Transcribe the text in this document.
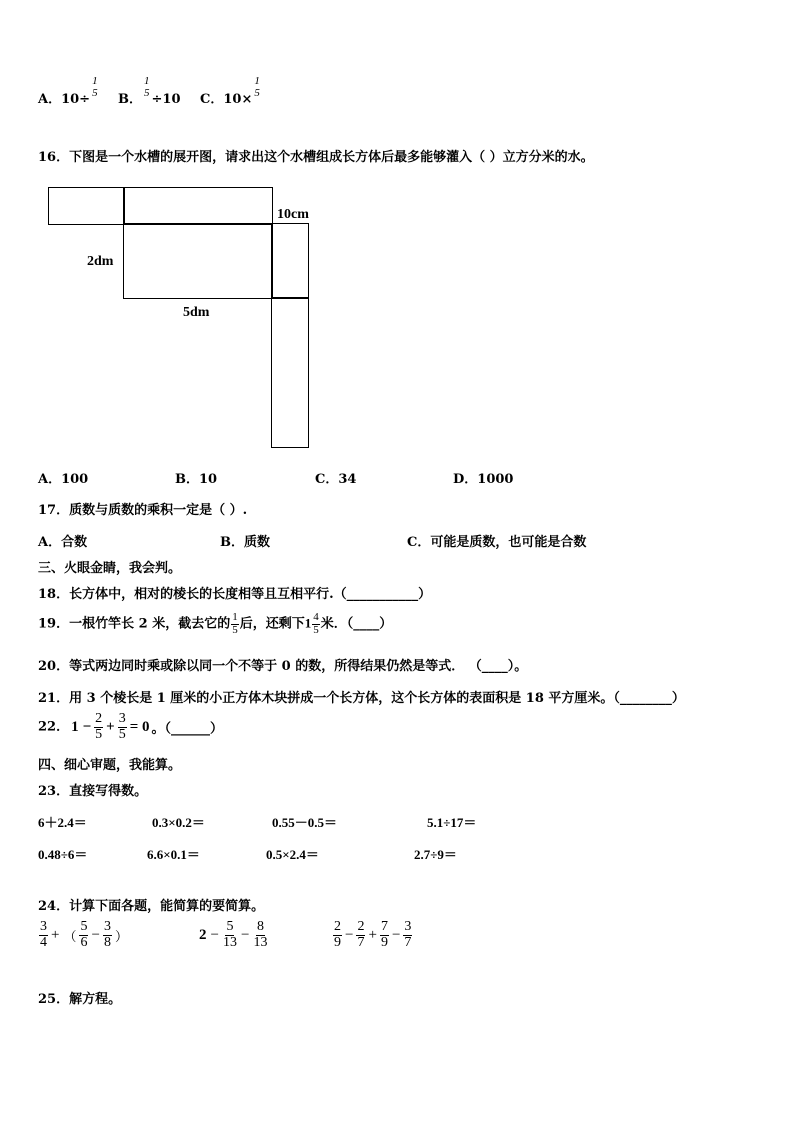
A．10÷
1
5 B．
1
5 ÷10 C．10×
1
5
16．下图是一个水槽的展开图，请求出这个水槽组成长方体后最多能够灌入（ ）立方分米的水。
10cm
2dm
5dm
A．100	B．10	C．34	D．1000
17．质数与质数的乘积一定是（ ）.
A．合数	B．质数	C．可能是质数，也可能是合数
三、火眼金睛，我会判。
18．长方体中，相对的棱长的长度相等且互相平行.（___________）
19．一根竹竿长 2 米，截去它的 $\frac{1}{5}$ 后，还剩下$1 \frac{4}{5}$ 米．（____）
20．等式两边同时乘或除以同一个不等于 0 的数，所得结果仍然是等式． （____）。
21．用 3 个棱长是 1 厘米的小正方体木块拼成一个长方体，这个长方体的表面积是 18 平方厘米。（________）
22． $1 - \frac{2}{5} + \frac{3}{5} = 0$ 。（______）
四、细心审题，我能算。
23．直接写得数。
6＋2.4＝	0.3×0.2＝	0.55－0.5＝	5.1÷17＝
0.48÷6＝	6.6×0.1＝	0.5×2.4＝	2.7÷9＝
24．计算下面各题，能简算的要简算。
$\frac{3}{4}$ + （ $\frac{5}{6} - \frac{3}{8}$ ）	$2 - \frac{5}{13} - \frac{8}{13}$	$\frac{2}{9} - \frac{2}{7} + \frac{7}{9} - \frac{3}{7}$
25．解方程。
